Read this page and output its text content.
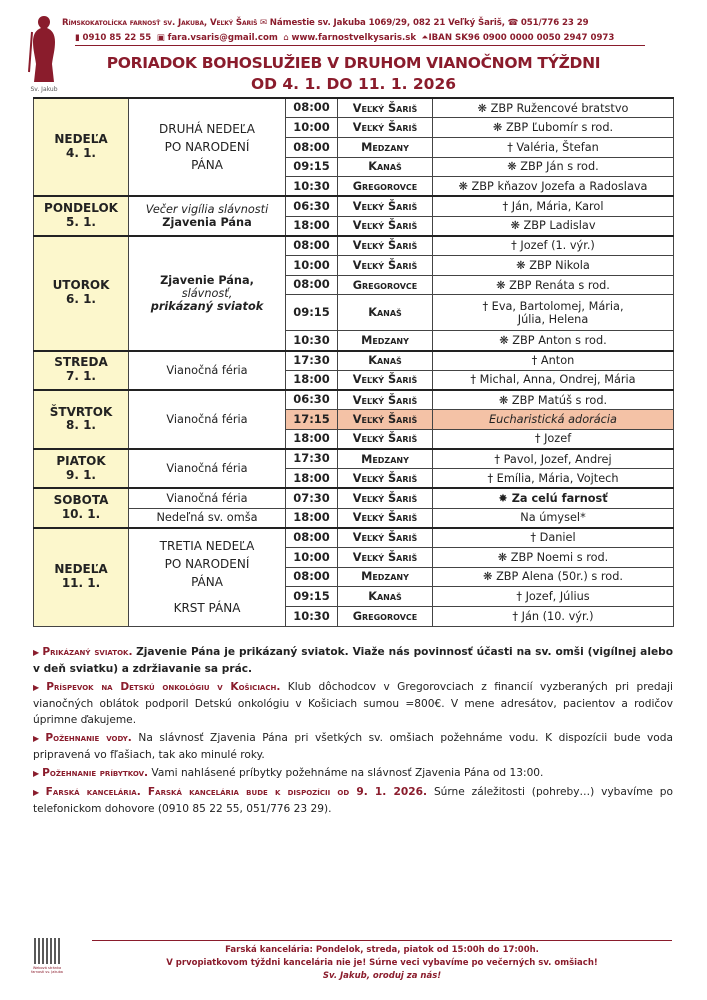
Sv. Jakub
Rímskokatolícka farnosť sv. Jakuba, Veľký Šariš ✉ Námestie sv. Jakuba 1069/29, 082 21 Veľký Šariš, ☎ 051/776 23 29
▮ 0910 85 22 55 ▣ fara.vsaris@gmail.com ⌂ www.farnostvelkysaris.sk ⏶IBAN SK96 0900 0000 0050 2947 0973
PORIADOK BOHOSLUŽIEB V DRUHOM VIANOČNOM TÝŽDNI
OD 4. 1. DO 11. 1. 2026
NEDEĽA
4. 1.

DRUHÁ NEDEĽA
PO NARODENÍ
PÁNA
	08:00	Veľký Šariš	❋ ZBP Ružencové bratstvo
		10:00	Veľký Šariš	❋ ZBP Ľubomír s rod.
		08:00	Medzany	† Valéria, Štefan
		09:15	Kanaš	❋ ZBP Ján s rod.
		10:30	Gregorovce	❋ ZBP kňazov Jozefa a Radoslava

PONDELOK
5. 1.

Večer vigília slávnosti
Zjavenia Pána
	06:30	Veľký Šariš	† Ján, Mária, Karol
		18:00	Veľký Šariš	❋ ZBP Ladislav

UTOROK
6. 1.

Zjavenie Pána,
slávnosť,
prikázaný sviatok
	08:00	Veľký Šariš	† Jozef (1. výr.)
		10:00	Veľký Šariš	❋ ZBP Nikola
		08:00	Gregorovce	❋ ZBP Renáta s rod.
		09:15	Kanaš	† Eva, Bartolomej, Mária,
Júlia, Helena

		10:30	Medzany	❋ ZBP Anton s rod.

STREDA
7. 1.	Vianočná féria	17:30	Kanaš	† Anton
		18:00	Veľký Šariš	† Michal, Anna, Ondrej, Mária

ŠTVRTOK
8. 1.	Vianočná féria	06:30	Veľký Šariš	❋ ZBP Matúš s rod.
		17:15	Veľký Šariš	Eucharistická adorácia
		18:00	Veľký Šariš	† Jozef

PIATOK
9. 1.	Vianočná féria	17:30	Medzany	† Pavol, Jozef, Andrej
		18:00	Veľký Šariš	† Emília, Mária, Vojtech

SOBOTA
10. 1.	Vianočná féria	07:30	Veľký Šariš	✸ Za celú farnosť
	Nedeľná sv. omša	18:00	Veľký Šariš	Na úmysel*

NEDEĽA
11. 1.

TRETIA NEDEĽA
PO NARODENÍ
PÁNA
KRST PÁNA
	08:00	Veľký Šariš	† Daniel
		10:00	Veľký Šariš	❋ ZBP Noemi s rod.
		08:00	Medzany	❋ ZBP Alena (50r.) s rod.
		09:15	Kanaš	† Jozef, Július
		10:30	Gregorovce	† Ján (10. výr.)
▶ Prikázaný sviatok. Zjavenie Pána je prikázaný sviatok. Viaže nás povinnosť účasti na sv. omši (vigílnej alebo v deň sviatku) a zdržiavanie sa prác.
▶ Príspevok na Detskú onkológiu v Košiciach. Klub dôchodcov v Gregorovciach z financií vyzberaných pri predaji vianočných oblátok podporil Detskú onkológiu v Košiciach sumou =800€. V mene adresátov, pacientov a rodičov úprimne ďakujeme.
▶ Požehnanie vody. Na slávnosť Zjavenia Pána pri všetkých sv. omšiach požehnáme vodu. K dispozícii bude voda pripravená vo fľašiach, tak ako minulé roky.
▶ Požehnanie príbytkov. Vami nahlásené príbytky požehnáme na slávnosť Zjavenia Pána od 13:00.
▶ Farská kancelária. Farská kancelária bude k dispozícii od 9. 1. 2026. Súrne záležitosti (pohreby…) vybavíme po telefonickom dohovore (0910 85 22 55, 051/776 23 29).
Webová stránka farnosti sv. Jakuba
Farská kancelária: Pondelok, streda, piatok od 15:00h do 17:00h.
V prvopiatkovom týždni kancelária nie je! Súrne veci vybavíme po večerných sv. omšiach!
Sv. Jakub, oroduj za nás!
